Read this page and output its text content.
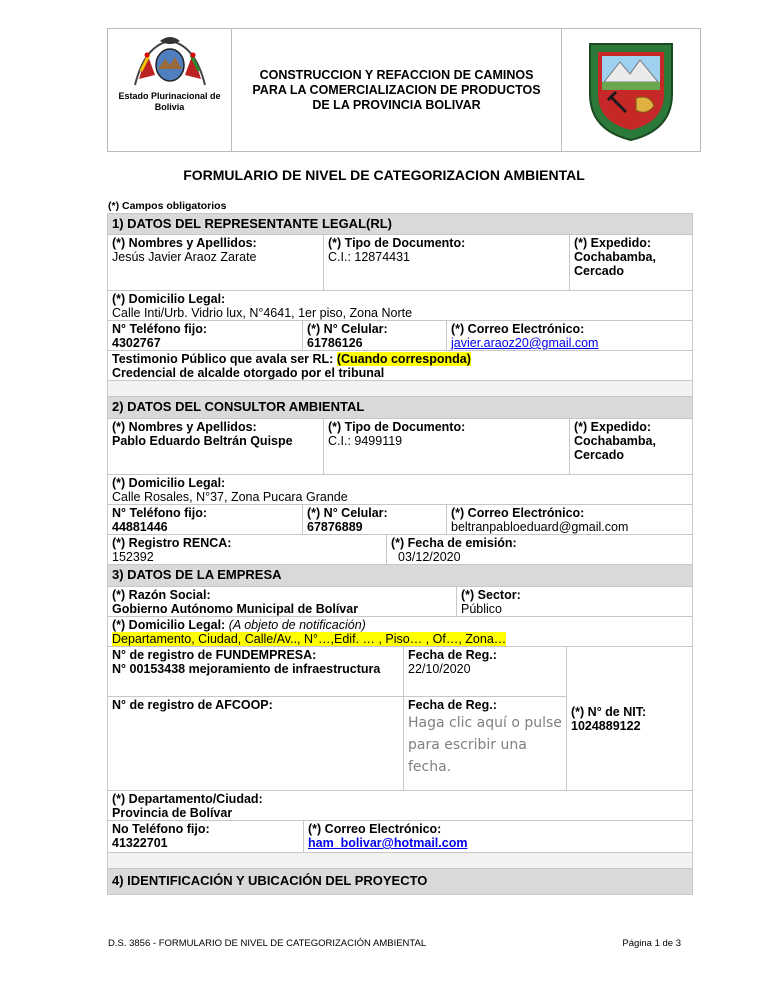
Estado Plurinacional de Bolivia
CONSTRUCCION Y REFACCION DE CAMINOS PARA LA COMERCIALIZACION DE PRODUCTOS DE LA PROVINCIA BOLIVAR
FORMULARIO DE NIVEL DE CATEGORIZACION AMBIENTAL
(*) Campos obligatorios
1) DATOS DEL REPRESENTANTE LEGAL(RL)
(*) Nombres y Apellidos:
Jesús Javier Araoz Zarate
(*) Tipo de Documento:
C.I.: 12874431
(*) Expedido:
Cochabamba, Cercado
(*) Domicilio Legal:
Calle Inti/Urb. Vidrio lux, N°4641, 1er piso, Zona Norte
N° Teléfono fijo:
4302767
(*) N° Celular:
61786126
(*) Correo Electrónico:
javier.araoz20@gmail.com
Testimonio Público que avala ser RL: (Cuando corresponda)
Credencial de alcalde otorgado por el tribunal
2) DATOS DEL CONSULTOR AMBIENTAL
(*) Nombres y Apellidos:
Pablo Eduardo Beltrán Quispe
(*) Tipo de Documento:
C.I.: 9499119
(*) Expedido:
Cochabamba, Cercado
(*) Domicilio Legal:
Calle Rosales, N°37, Zona Pucara Grande
N° Teléfono fijo:
44881446
(*) N° Celular:
67876889
(*) Correo Electrónico:
beltranpabloeduard@gmail.com
(*) Registro RENCA:
152392
(*) Fecha de emisión:
03/12/2020
3) DATOS DE LA EMPRESA
(*) Razón Social:
Gobierno Autónomo Municipal de Bolívar
(*) Sector:
Público
(*) Domicilio Legal: (A objeto de notificación)
Departamento, Ciudad, Calle/Av.., N°…,Edif. … , Piso… , Of…, Zona…
N° de registro de FUNDEMPRESA:
N° 00153438 mejoramiento de infraestructura
Fecha de Reg.:
22/10/2020
N° de registro de AFCOOP:	Fecha de Reg.:
Haga clic aquí o pulse para escribir una fecha.
(*) N° de NIT:
1024889122
(*) Departamento/Ciudad:
Provincia de Bolívar
No Teléfono fijo:
41322701
(*) Correo Electrónico:
ham_bolivar@hotmail.com
4) IDENTIFICACIÓN Y UBICACIÓN DEL PROYECTO
D.S. 3856 - FORMULARIO DE NIVEL DE CATEGORIZACIÓN AMBIENTAL	Página 1 de 3
